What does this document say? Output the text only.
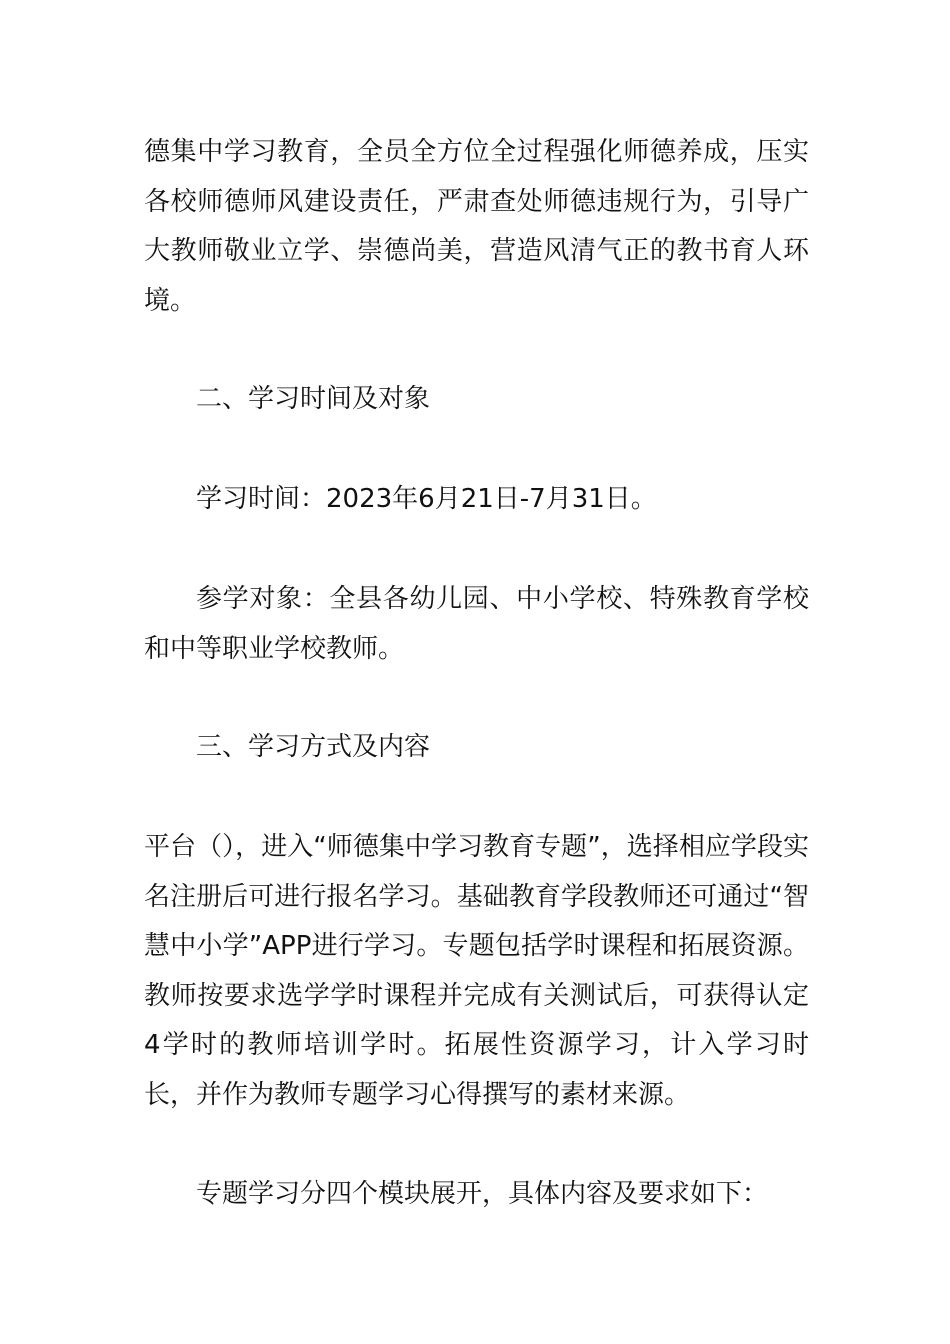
德集中学习教育，全员全方位全过程强化师德养成，压实各校师德师风建设责任，严肃查处师德违规行为，引导广大教师敬业立学、崇德尚美，营造风清气正的教书育人环境。
二、学习时间及对象
学习时间：2023年6月21日-7月31日。
参学对象：全县各幼儿园、中小学校、特殊教育学校和中等职业学校教师。
三、学习方式及内容
平台（），进入“师德集中学习教育专题”，选择相应学段实名注册后可进行报名学习。基础教育学段教师还可通过“智慧中小学”APP进行学习。专题包括学时课程和拓展资源。教师按要求选学学时课程并完成有关测试后，可获得认定4学时的教师培训学时。拓展性资源学习，计入学习时长，并作为教师专题学习心得撰写的素材来源。
专题学习分四个模块展开，具体内容及要求如下：
